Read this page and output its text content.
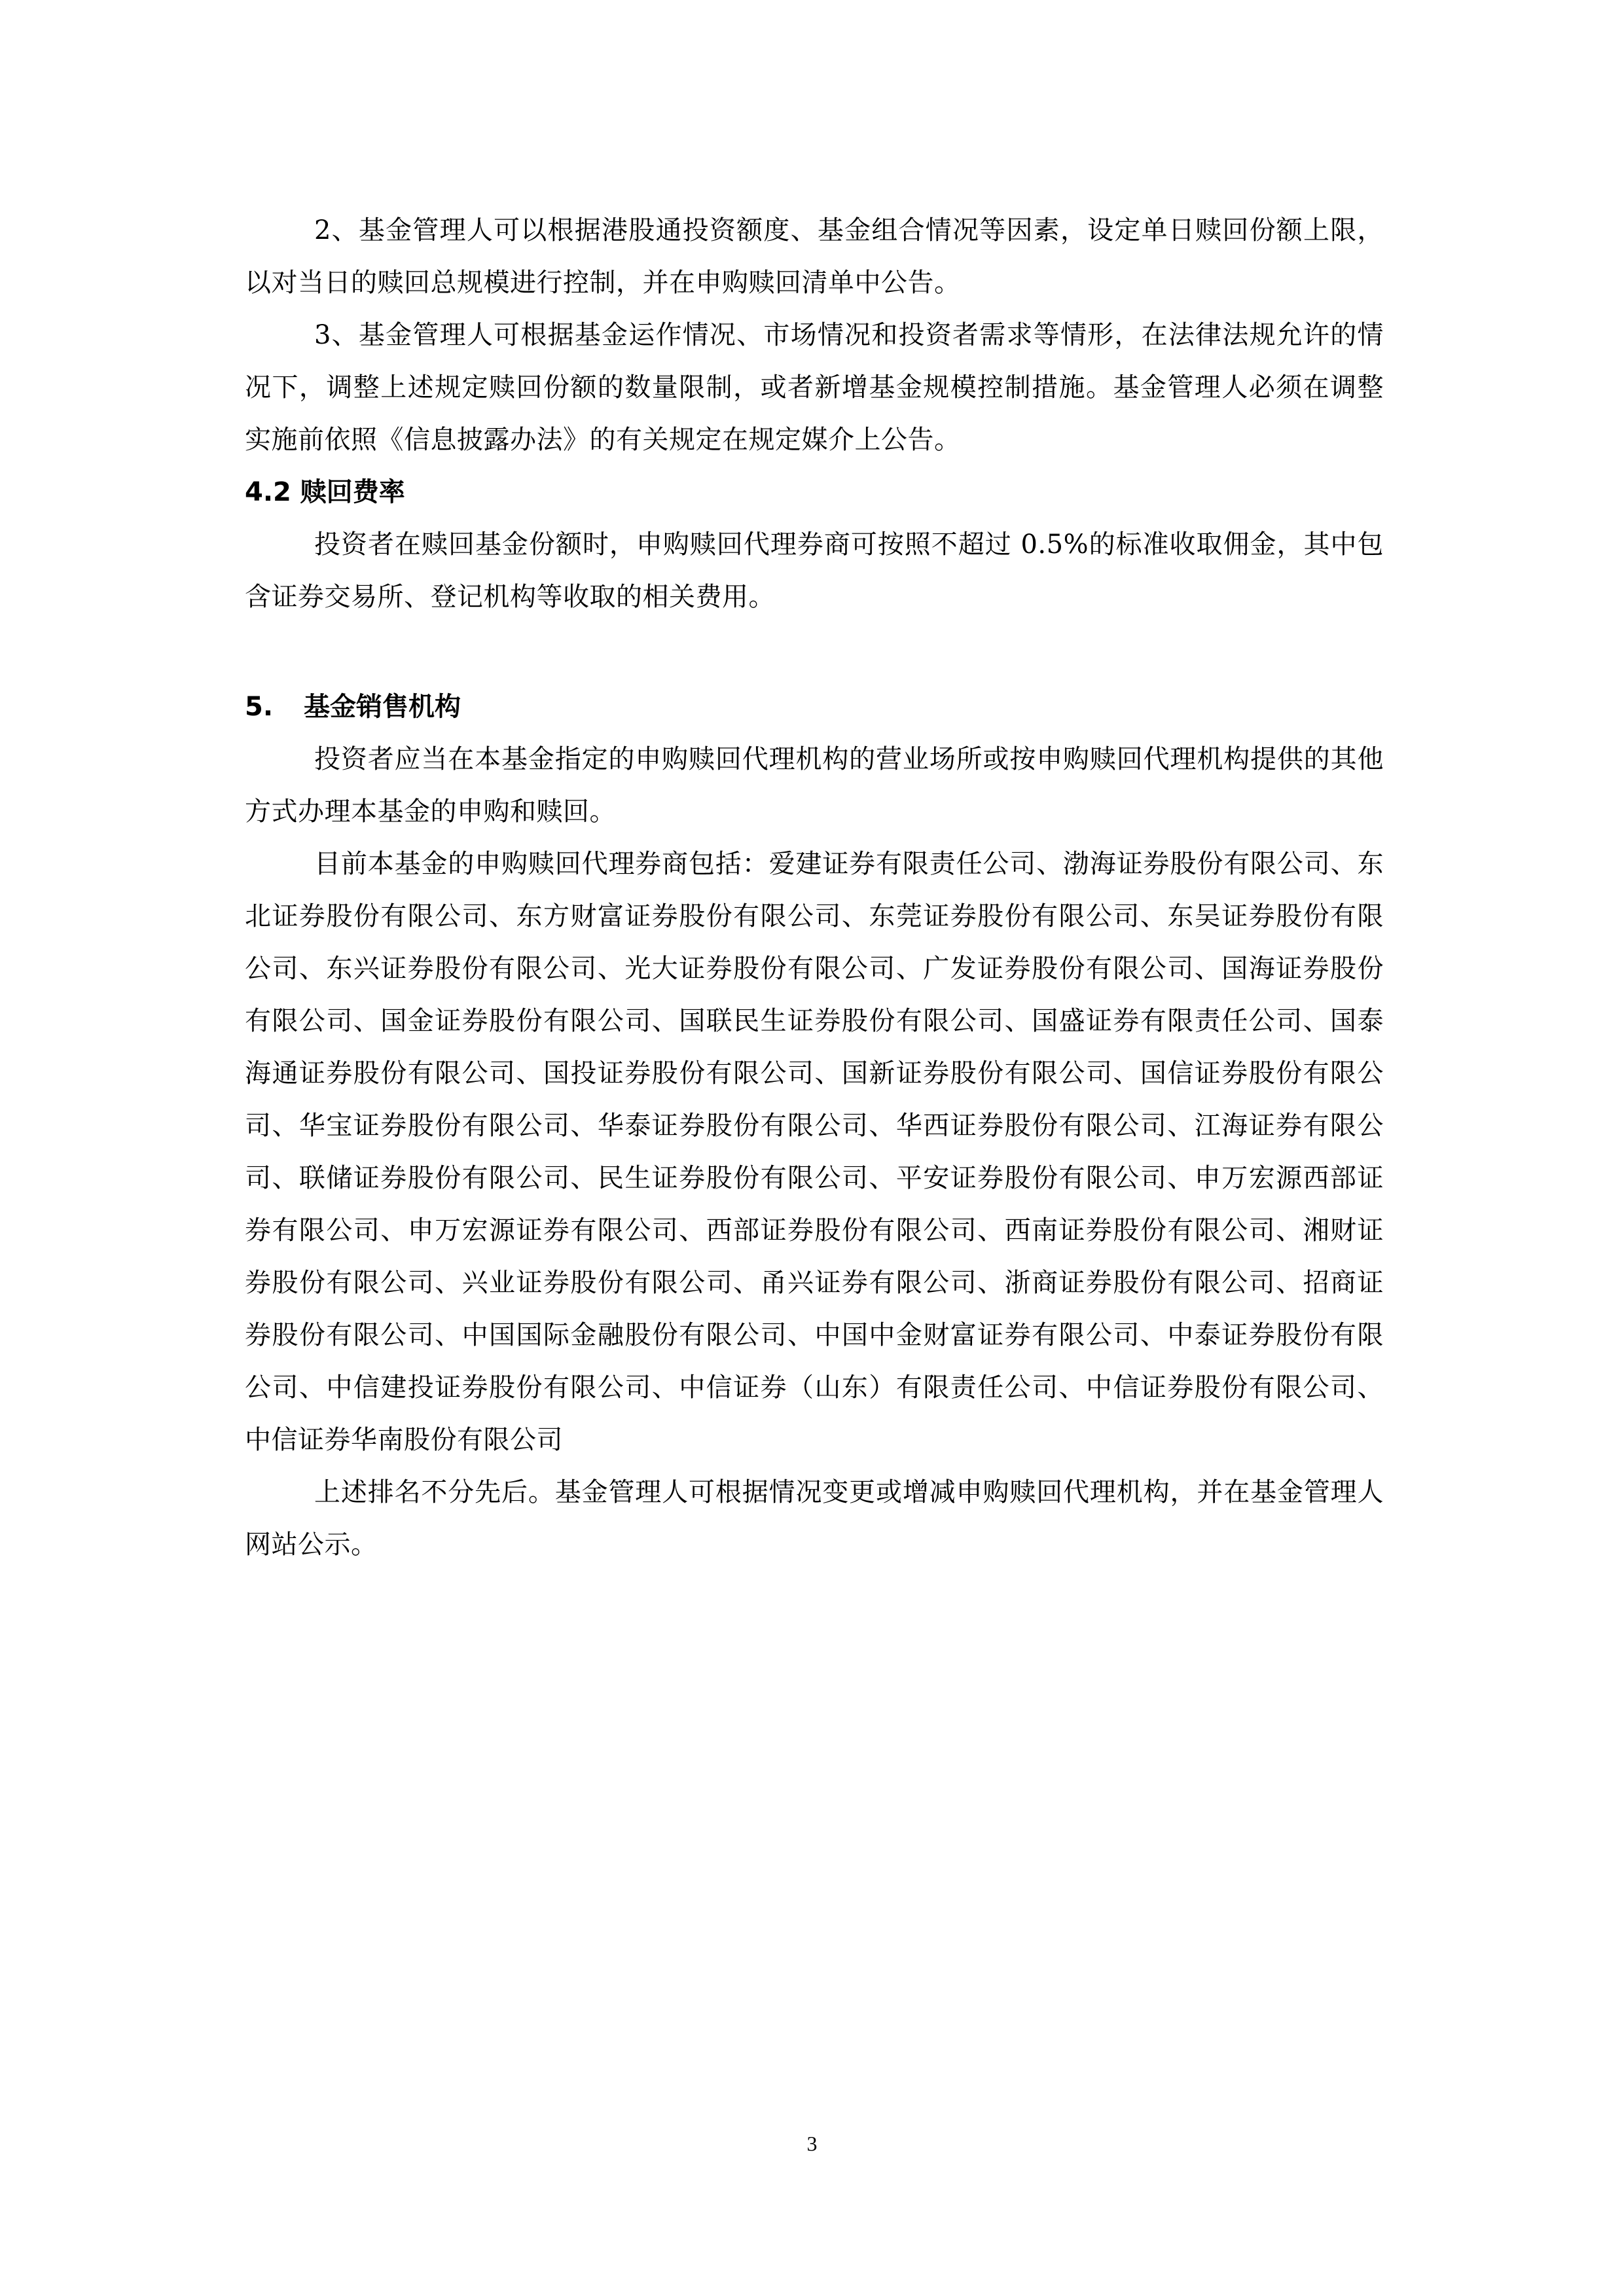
2、基金管理人可以根据港股通投资额度、基金组合情况等因素，设定单日赎回份额上限，以对当日的赎回总规模进行控制，并在申购赎回清单中公告。

3、基金管理人可根据基金运作情况、市场情况和投资者需求等情形，在法律法规允许的情况下，调整上述规定赎回份额的数量限制，或者新增基金规模控制措施。基金管理人必须在调整实施前依照《信息披露办法》的有关规定在规定媒介上公告。

4.2 赎回费率

投资者在赎回基金份额时，申购赎回代理券商可按照不超过 0.5%的标准收取佣金，其中包含证券交易所、登记机构等收取的相关费用。

5. 基金销售机构

投资者应当在本基金指定的申购赎回代理机构的营业场所或按申购赎回代理机构提供的其他方式办理本基金的申购和赎回。

目前本基金的申购赎回代理券商包括：爱建证券有限责任公司、渤海证券股份有限公司、东北证券股份有限公司、东方财富证券股份有限公司、东莞证券股份有限公司、东吴证券股份有限公司、东兴证券股份有限公司、光大证券股份有限公司、广发证券股份有限公司、国海证券股份有限公司、国金证券股份有限公司、国联民生证券股份有限公司、国盛证券有限责任公司、国泰海通证券股份有限公司、国投证券股份有限公司、国新证券股份有限公司、国信证券股份有限公司、华宝证券股份有限公司、华泰证券股份有限公司、华西证券股份有限公司、江海证券有限公司、联储证券股份有限公司、民生证券股份有限公司、平安证券股份有限公司、申万宏源西部证券有限公司、申万宏源证券有限公司、西部证券股份有限公司、西南证券股份有限公司、湘财证券股份有限公司、兴业证券股份有限公司、甬兴证券有限公司、浙商证券股份有限公司、招商证券股份有限公司、中国国际金融股份有限公司、中国中金财富证券有限公司、中泰证券股份有限公司、中信建投证券股份有限公司、中信证券（山东）有限责任公司、中信证券股份有限公司、中信证券华南股份有限公司

上述排名不分先后。基金管理人可根据情况变更或增减申购赎回代理机构，并在基金管理人网站公示。

3
